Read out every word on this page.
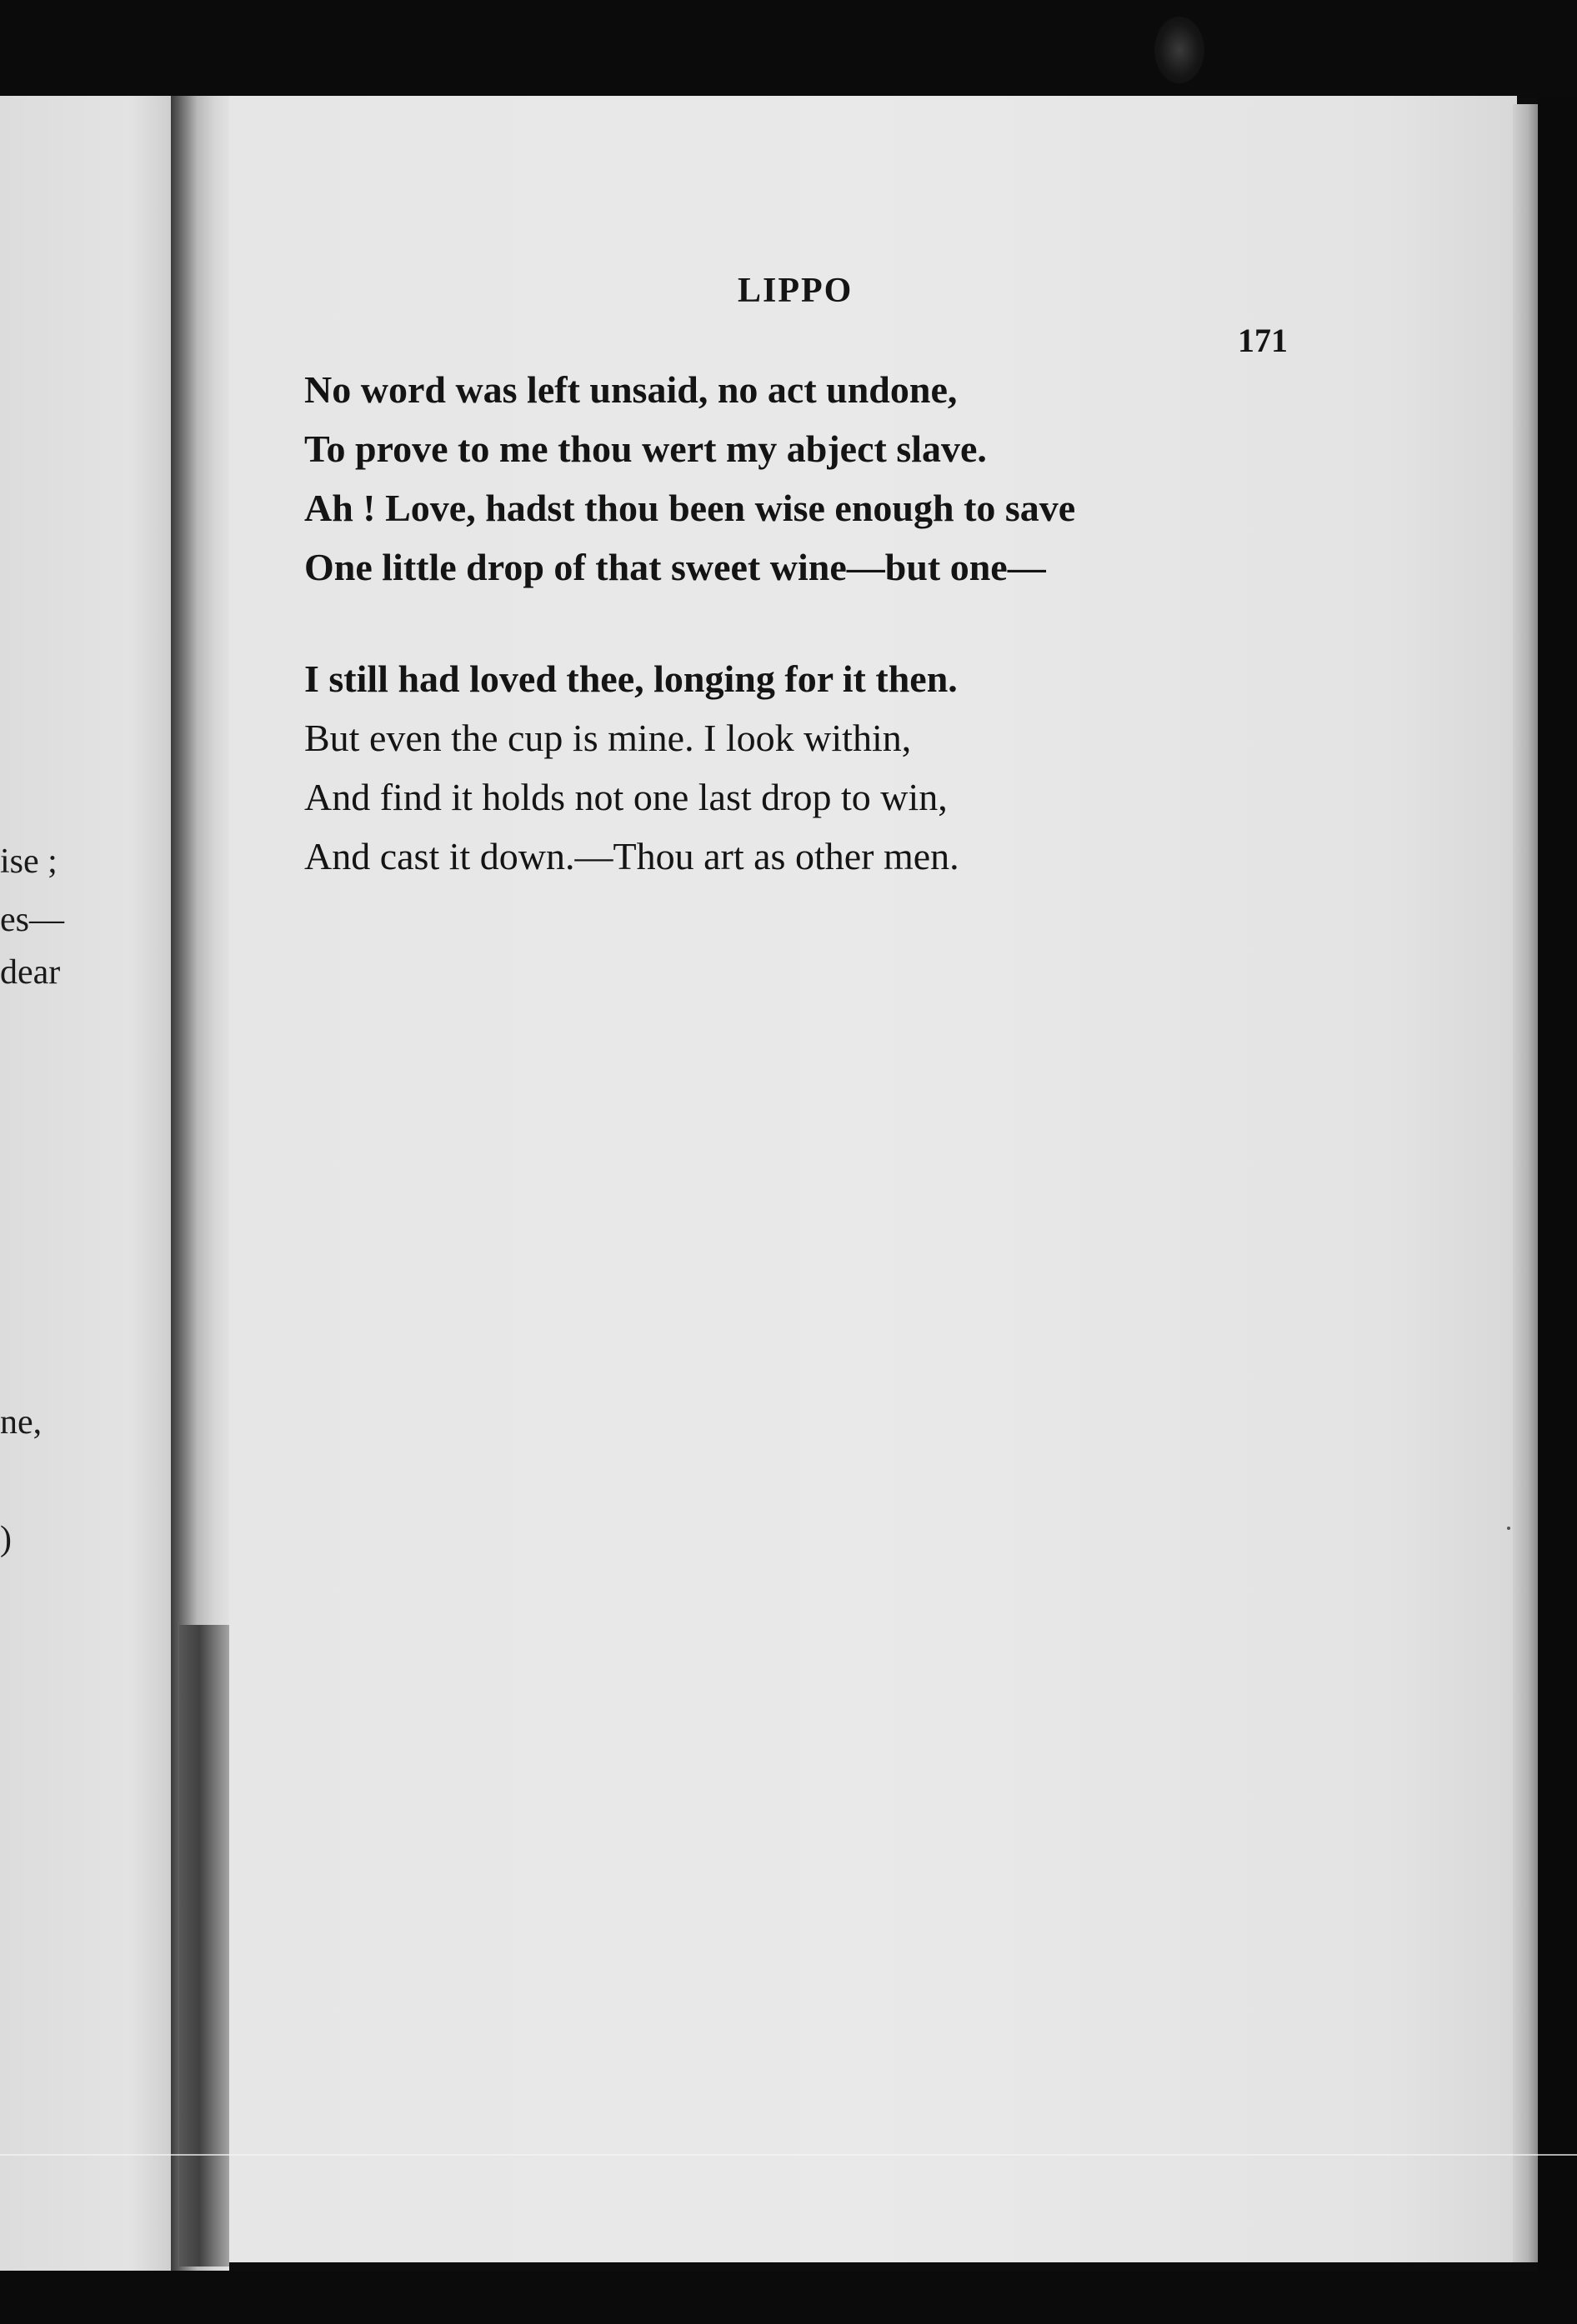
ise ;
es—
dear
ne,
)
LIPPO
171
No word was left unsaid, no act undone,
To prove to me thou wert my abject slave.
Ah ! Love, hadst thou been wise enough to save
One little drop of that sweet wine—but one—
I still had loved thee, longing for it then.
But even the cup is mine. I look within,
And find it holds not one last drop to win,
And cast it down.—Thou art as other men.
